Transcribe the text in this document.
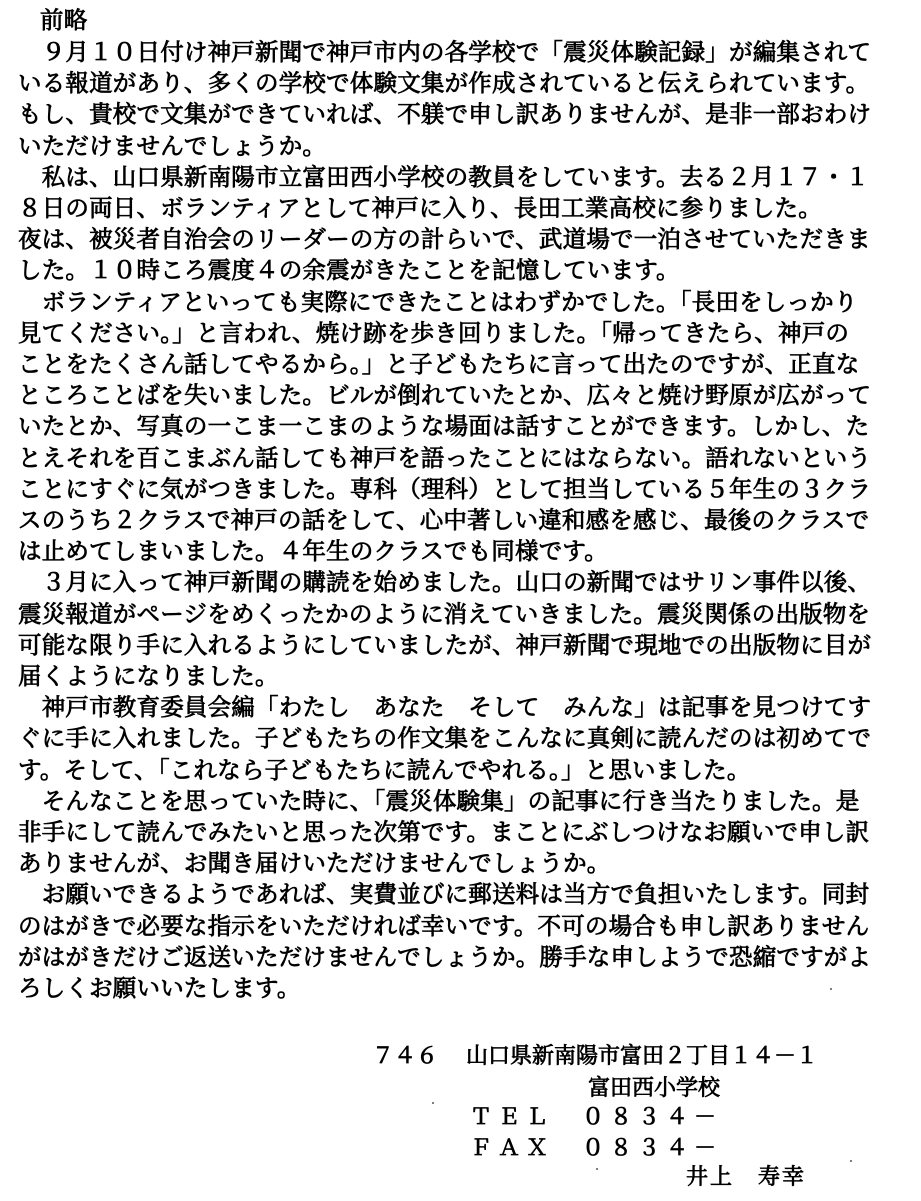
前略
　９月１０日付け神戸新聞で神戸市内の各学校で「震災体験記録」が編集されて
いる報道があり、多くの学校で体験文集が作成されていると伝えられています。
もし、貴校で文集ができていれば、不躾で申し訳ありませんが、是非一部おわけ
いただけませんでしょうか。
　私は、山口県新南陽市立富田西小学校の教員をしています。去る２月１７・１
８日の両日、ボランティアとして神戸に入り、長田工業高校に参りました。
夜は、被災者自治会のリーダーの方の計らいで、武道場で一泊させていただきま
した。１０時ころ震度４の余震がきたことを記憶しています。
　ボランティアといっても実際にできたことはわずかでした。「長田をしっかり
見てください。」と言われ、焼け跡を歩き回りました。「帰ってきたら、神戸の
ことをたくさん話してやるから。」と子どもたちに言って出たのですが、正直な
ところことばを失いました。ビルが倒れていたとか、広々と焼け野原が広がって
いたとか、写真の一こま一こまのような場面は話すことができます。しかし、た
とえそれを百こまぶん話しても神戸を語ったことにはならない。語れないという
ことにすぐに気がつきました。専科（理科）として担当している５年生の３クラ
スのうち２クラスで神戸の話をして、心中著しい違和感を感じ、最後のクラスで
は止めてしまいました。４年生のクラスでも同様です。
　３月に入って神戸新聞の購読を始めました。山口の新聞ではサリン事件以後、
震災報道がページをめくったかのように消えていきました。震災関係の出版物を
可能な限り手に入れるようにしていましたが、神戸新聞で現地での出版物に目が
届くようになりました。
　神戸市教育委員会編「わたし　あなた　そして　みんな」は記事を見つけてす
ぐに手に入れました。子どもたちの作文集をこんなに真剣に読んだのは初めてで
す。そして、「これなら子どもたちに読んでやれる。」と思いました。
　そんなことを思っていた時に、「震災体験集」の記事に行き当たりました。是
非手にして読んでみたいと思った次第です。まことにぶしつけなお願いで申し訳
ありませんが、お聞き届けいただけませんでしょうか。
　お願いできるようであれば、実費並びに郵送料は当方で負担いたします。同封
のはがきで必要な指示をいただければ幸いです。不可の場合も申し訳ありません
がはがきだけご返送いただけませんでしょうか。勝手な申しようで恐縮ですがよ
ろしくお願いいたします。
７４６ 山口県新南陽市富田２丁目１４－１
富田西小学校
ＴＥＬ　０８３４－
ＦＡＸ　０８３４－
井上　寿幸
